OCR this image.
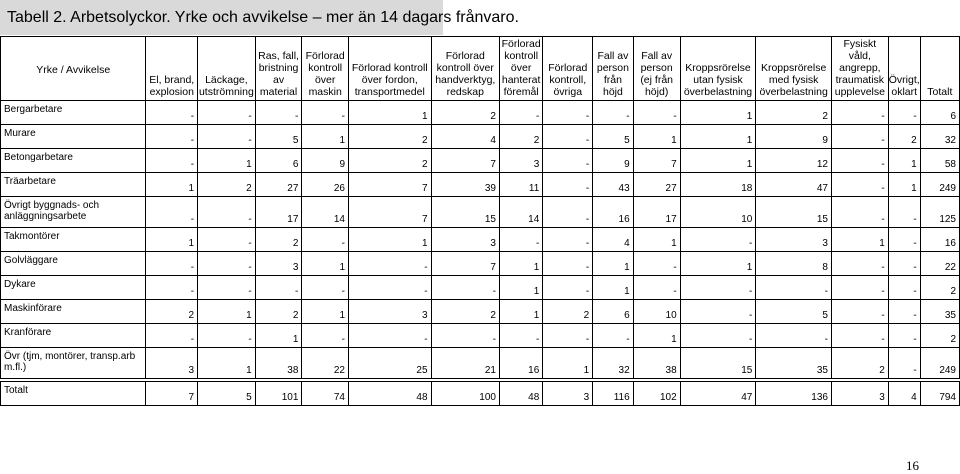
Tabell 2. Arbetsolyckor. Yrke och avvikelse – mer än 14 dagars frånvaro.
Yrke / Avvikelse	El, brand, explosion	Läckage, utströmning	Ras, fall, bristning av material	Förlorad kontroll över maskin	Förlorad kontroll över fordon, transportmedel	Förlorad kontroll över handverktyg, redskap	Förlorad kontroll över hanterat föremål	Förlorad kontroll, övriga	Fall av person från höjd	Fall av person (ej från höjd)	Kroppsrörelse utan fysisk överbelastning	Kroppsrörelse med fysisk överbelastning	Fysiskt våld, angrepp, traumatisk upplevelse	Övrigt, oklart	Totalt
Bergarbetare	-	-	-	-	1	2	-	-	-	-	1	2	-	-	6
Murare	-	-	5	1	2	4	2	-	5	1	1	9	-	2	32
Betongarbetare	-	1	6	9	2	7	3	-	9	7	1	12	-	1	58
Träarbetare	1	2	27	26	7	39	11	-	43	27	18	47	-	1	249
Övrigt byggnads- och anläggningsarbete	-	-	17	14	7	15	14	-	16	17	10	15	-	-	125
Takmontörer	1	-	2	-	1	3	-	-	4	1	-	3	1	-	16
Golvläggare	-	-	3	1	-	7	1	-	1	-	1	8	-	-	22
Dykare	-	-	-	-	-	-	1	-	1	-	-	-	-	-	2
Maskinförare	2	1	2	1	3	2	1	2	6	10	-	5	-	-	35
Kranförare	-	-	1	-	-	-	-	-	-	1	-	-	-	-	2
Övr (tjm, montörer, transp.arb m.fl.)	3	1	38	22	25	21	16	1	32	38	15	35	2	-	249

Totalt	7	5	101	74	48	100	48	3	116	102	47	136	3	4	794
16
